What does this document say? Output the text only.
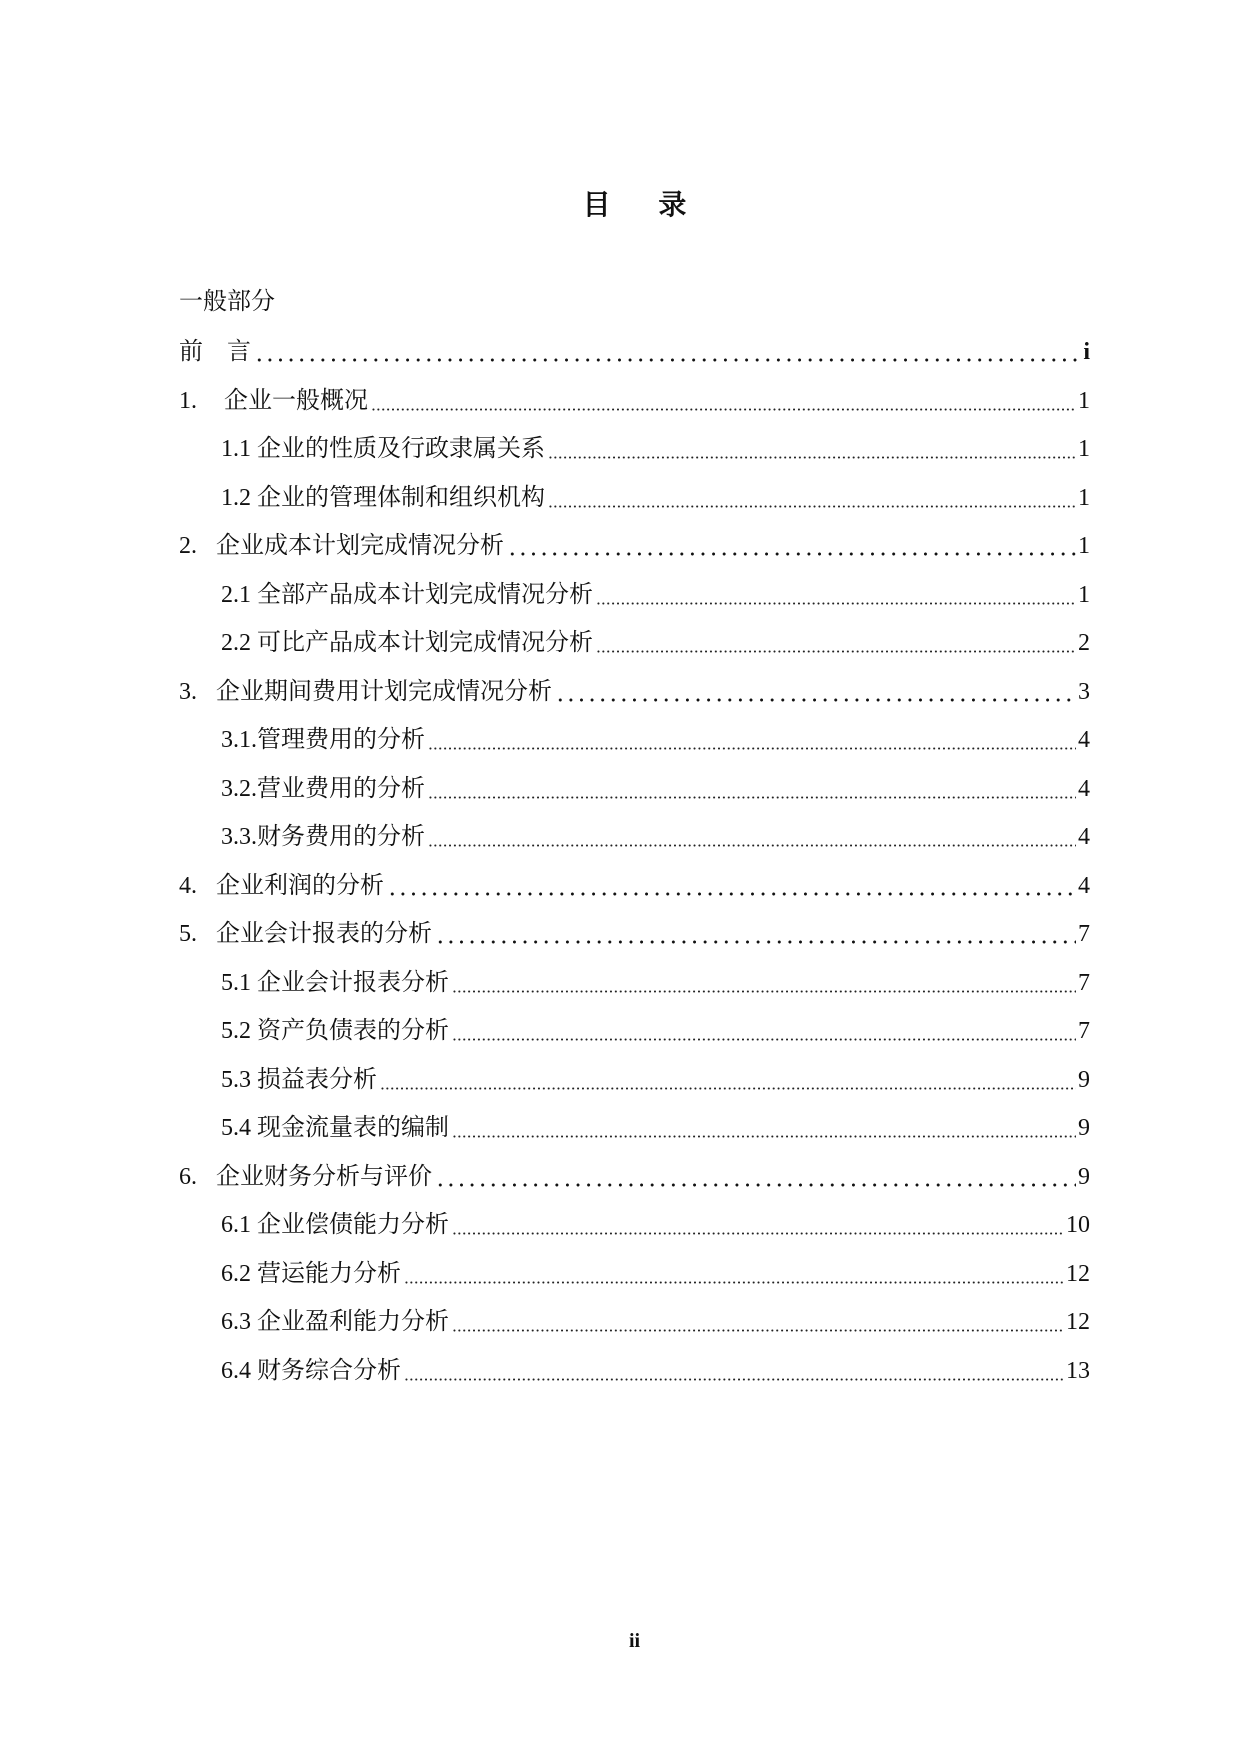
目 录
一般部分
前 言	i
1.	企业一般概况	1
1.1 企业的性质及行政隶属关系	1
1.2 企业的管理体制和组织机构	1
2. 企业成本计划完成情况分析	1
2.1 全部产品成本计划完成情况分析	1
2.2 可比产品成本计划完成情况分析	2
3. 企业期间费用计划完成情况分析	3
3.1.管理费用的分析	4
3.2.营业费用的分析	4
3.3.财务费用的分析	4
4. 企业利润的分析	4
5. 企业会计报表的分析	7
5.1 企业会计报表分析	7
5.2 资产负债表的分析	7
5.3 损益表分析	9
5.4 现金流量表的编制	9
6. 企业财务分析与评价	9
6.1 企业偿债能力分析	10
6.2 营运能力分析	12
6.3 企业盈利能力分析	12
6.4 财务综合分析	13
ii
